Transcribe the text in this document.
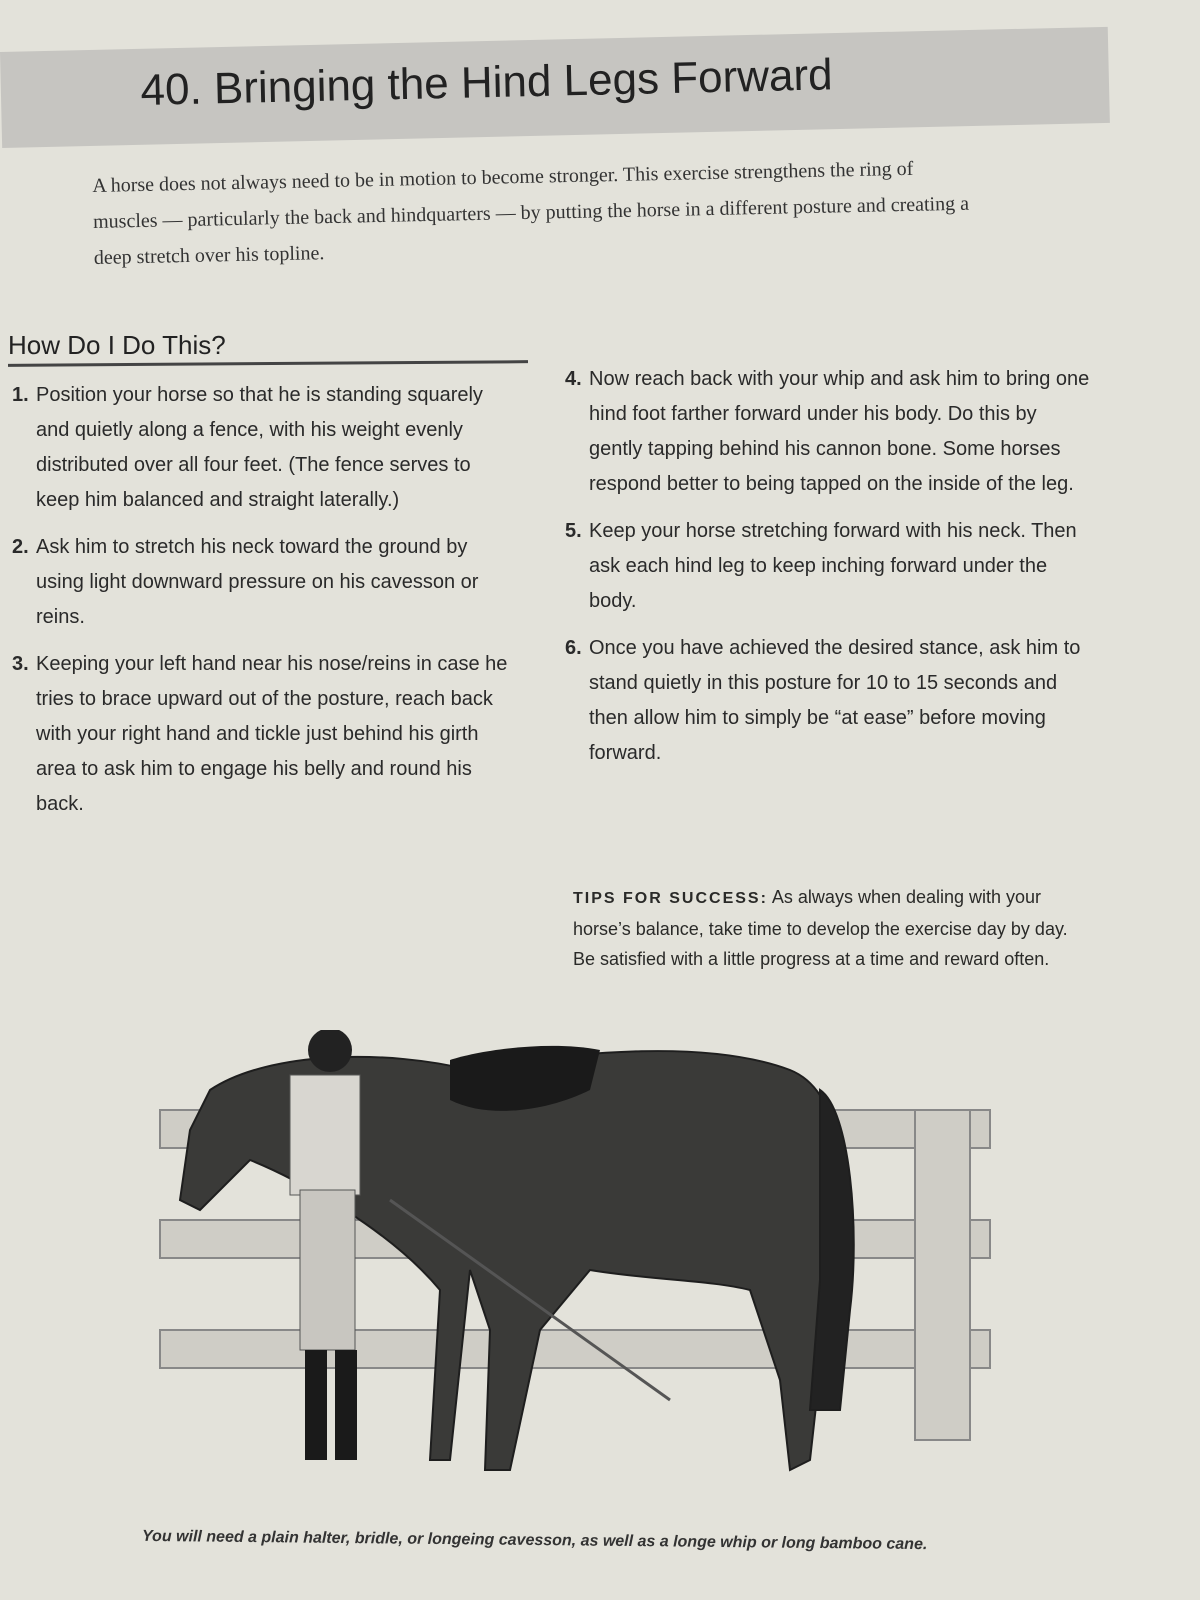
40. Bringing the Hind Legs Forward
A horse does not always need to be in motion to become stronger. This exercise strengthens the ring of muscles — particularly the back and hindquarters — by putting the horse in a different posture and creating a deep stretch over his topline.
How Do I Do This?
1. Position your horse so that he is standing squarely and quietly along a fence, with his weight evenly distributed over all four feet. (The fence serves to keep him balanced and straight laterally.)
2. Ask him to stretch his neck toward the ground by using light downward pressure on his cavesson or reins.
3. Keeping your left hand near his nose/reins in case he tries to brace upward out of the posture, reach back with your right hand and tickle just behind his girth area to ask him to engage his belly and round his back.
4. Now reach back with your whip and ask him to bring one hind foot farther forward under his body. Do this by gently tapping behind his cannon bone. Some horses respond better to being tapped on the inside of the leg.
5. Keep your horse stretching forward with his neck. Then ask each hind leg to keep inching forward under the body.
6. Once you have achieved the desired stance, ask him to stand quietly in this posture for 10 to 15 seconds and then allow him to simply be “at ease” before moving forward.
TIPS FOR SUCCESS: As always when dealing with your horse’s balance, take time to develop the exercise day by day. Be satisfied with a little progress at a time and reward often.
You will need a plain halter, bridle, or longeing cavesson, as well as a longe whip or long bamboo cane.
